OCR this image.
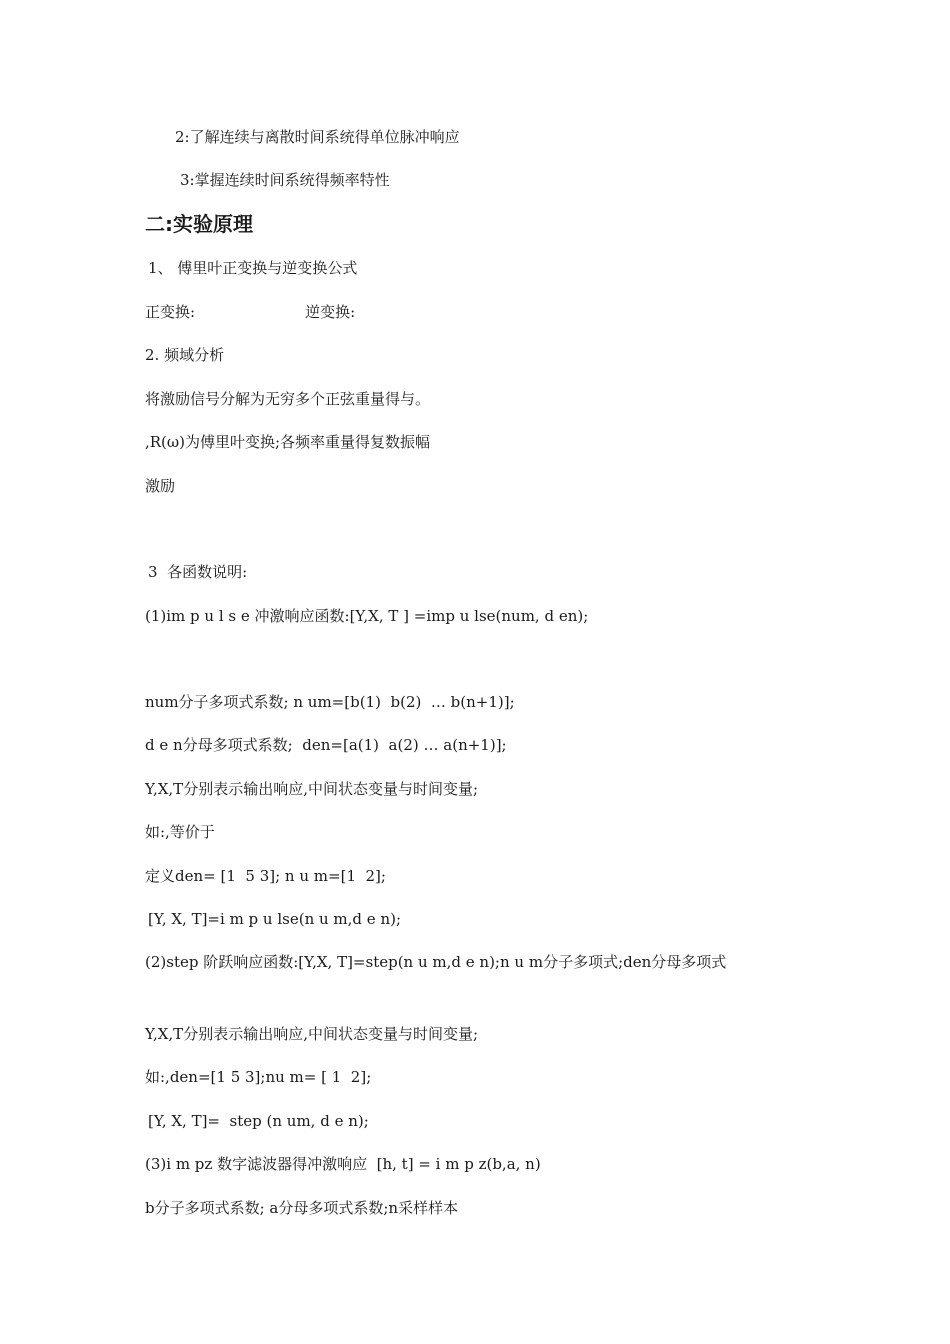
2:了解连续与离散时间系统得单位脉冲响应
3:掌握连续时间系统得频率特性
二:实验原理
1、 傅里叶正变换与逆变换公式
正变换:	逆变换:
2. 频域分析
将激励信号分解为无穷多个正弦重量得与。
,R(ω)为傅里叶变换;各频率重量得复数振幅
激励
3  各函数说明:
(1)im p u l s e 冲激响应函数:[Y,X, T ] =imp u lse(num, d en);
num分子多项式系数; n um=[b(1)  b(2)  … b(n+1)];
d e n分母多项式系数;  den=[a(1)  a(2) … a(n+1)];
Y,X,T分别表示输出响应,中间状态变量与时间变量;
如:,等价于
定义den= [1  5 3]; n u m=[1  2];
[Y, X, T]=i m p u lse(n u m,d e n);
(2)step 阶跃响应函数:[Y,X, T]=step(n u m,d e n);n u m分子多项式;den分母多项式
Y,X,T分别表示输出响应,中间状态变量与时间变量;
如:,den=[1 5 3];nu m= [ 1  2];
[Y, X, T]=  step (n um, d e n);
(3)i m pz 数字滤波器得冲激响应  [h, t] = i m p z(b,a, n)
b分子多项式系数; a分母多项式系数;n采样样本
